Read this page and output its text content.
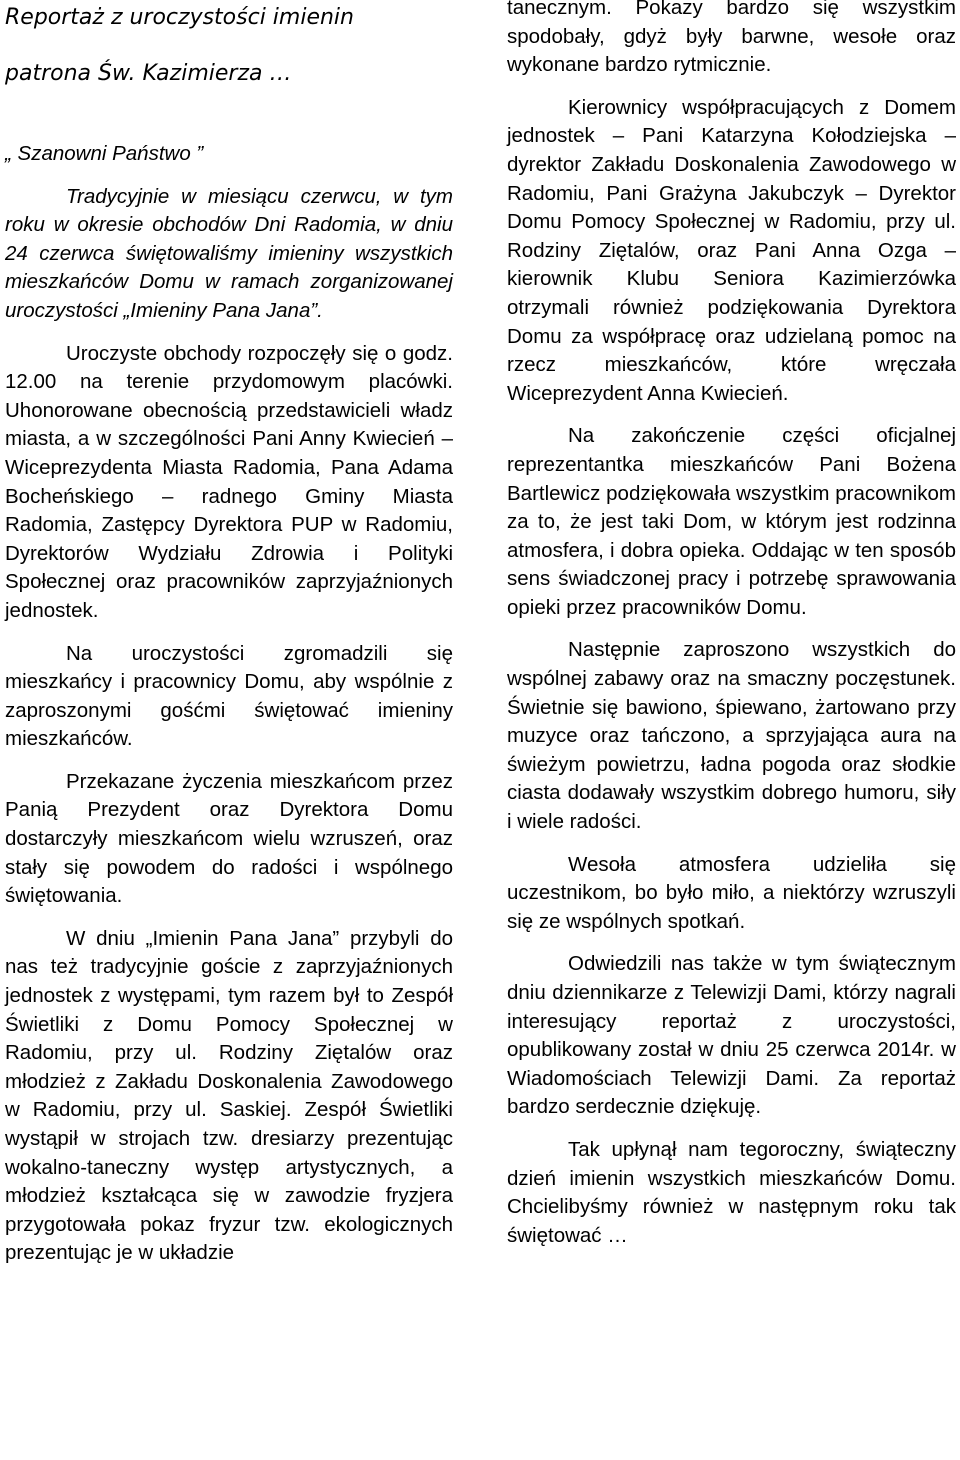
Reportaż z uroczystości imienin
patrona Św. Kazimierza …
„ Szanowni Państwo ”

Tradycyjnie w miesiącu czerwcu, w tym roku w okresie obchodów Dni Radomia, w dniu 24 czerwca świętowaliśmy imieniny wszystkich mieszkańców Domu w ramach zorganizowanej uroczystości „Imieniny Pana Jana”.

Uroczyste obchody rozpoczęły się o godz. 12.00 na terenie przydomowym placówki. Uhonorowane obecnością przedstawicieli władz miasta, a w szczególności Pani Anny Kwiecień – Wiceprezydenta Miasta Radomia, Pana Adama Bocheńskiego – radnego Gminy Miasta Radomia, Zastępcy Dyrektora PUP w Radomiu, Dyrektorów Wydziału Zdrowia i Polityki Społecznej oraz pracowników zaprzyjaźnionych jednostek.

Na uroczystości zgromadzili się mieszkańcy i pracownicy Domu, aby wspólnie z zaproszonymi gośćmi świętować imieniny mieszkańców.

Przekazane życzenia mieszkańcom przez Panią Prezydent oraz Dyrektora Domu dostarczyły mieszkańcom wielu wzruszeń, oraz stały się powodem do radości i wspólnego świętowania.

W dniu „Imienin Pana Jana” przybyli do nas też tradycyjnie goście z zaprzyjaźnionych jednostek z występami, tym razem był to Zespół Świetliki z Domu Pomocy Społecznej w Radomiu, przy ul. Rodziny Ziętalów oraz młodzież z Zakładu Doskonalenia Zawodowego w Radomiu, przy ul. Saskiej. Zespół Świetliki wystąpił w strojach tzw. dresiarzy prezentując wokalno-taneczny występ artystycznych, a młodzież kształcąca się w zawodzie fryzjera przygotowała pokaz fryzur tzw. ekologicznych prezentując je w układzie

tanecznym. Pokazy bardzo się wszystkim spodobały, gdyż były barwne, wesołe oraz wykonane bardzo rytmicznie.

Kierownicy współpracujących z Domem jednostek – Pani Katarzyna Kołodziejska – dyrektor Zakładu Doskonalenia Zawodowego w Radomiu, Pani Grażyna Jakubczyk – Dyrektor Domu Pomocy Społecznej w Radomiu, przy ul. Rodziny Ziętalów, oraz Pani Anna Ozga – kierownik Klubu Seniora Kazimierzówka otrzymali również podziękowania Dyrektora Domu za współpracę oraz udzielaną pomoc na rzecz mieszkańców, które wręczała Wiceprezydent Anna Kwiecień.

Na zakończenie części oficjalnej reprezentantka mieszkańców Pani Bożena Bartlewicz podziękowała wszystkim pracownikom za to, że jest taki Dom, w którym jest rodzinna atmosfera, i dobra opieka. Oddając w ten sposób sens świadczonej pracy i potrzebę sprawowania opieki przez pracowników Domu.

Następnie zaproszono wszystkich do wspólnej zabawy oraz na smaczny poczęstunek. Świetnie się bawiono, śpiewano, żartowano przy muzyce oraz tańczono, a sprzyjająca aura na świeżym powietrzu, ładna pogoda oraz słodkie ciasta dodawały wszystkim dobrego humoru, siły i wiele radości.

Wesoła atmosfera udzieliła się uczestnikom, bo było miło, a niektórzy wzruszyli się ze wspólnych spotkań.

Odwiedzili nas także w tym świątecznym dniu dziennikarze z Telewizji Dami, którzy nagrali interesujący reportaż z uroczystości, opublikowany został w dniu 25 czerwca 2014r. w Wiadomościach Telewizji Dami. Za reportaż bardzo serdecznie dziękuję.

Tak upłynął nam tegoroczny, świąteczny dzień imienin wszystkich mieszkańców Domu. Chcielibyśmy również w następnym roku tak świętować …
